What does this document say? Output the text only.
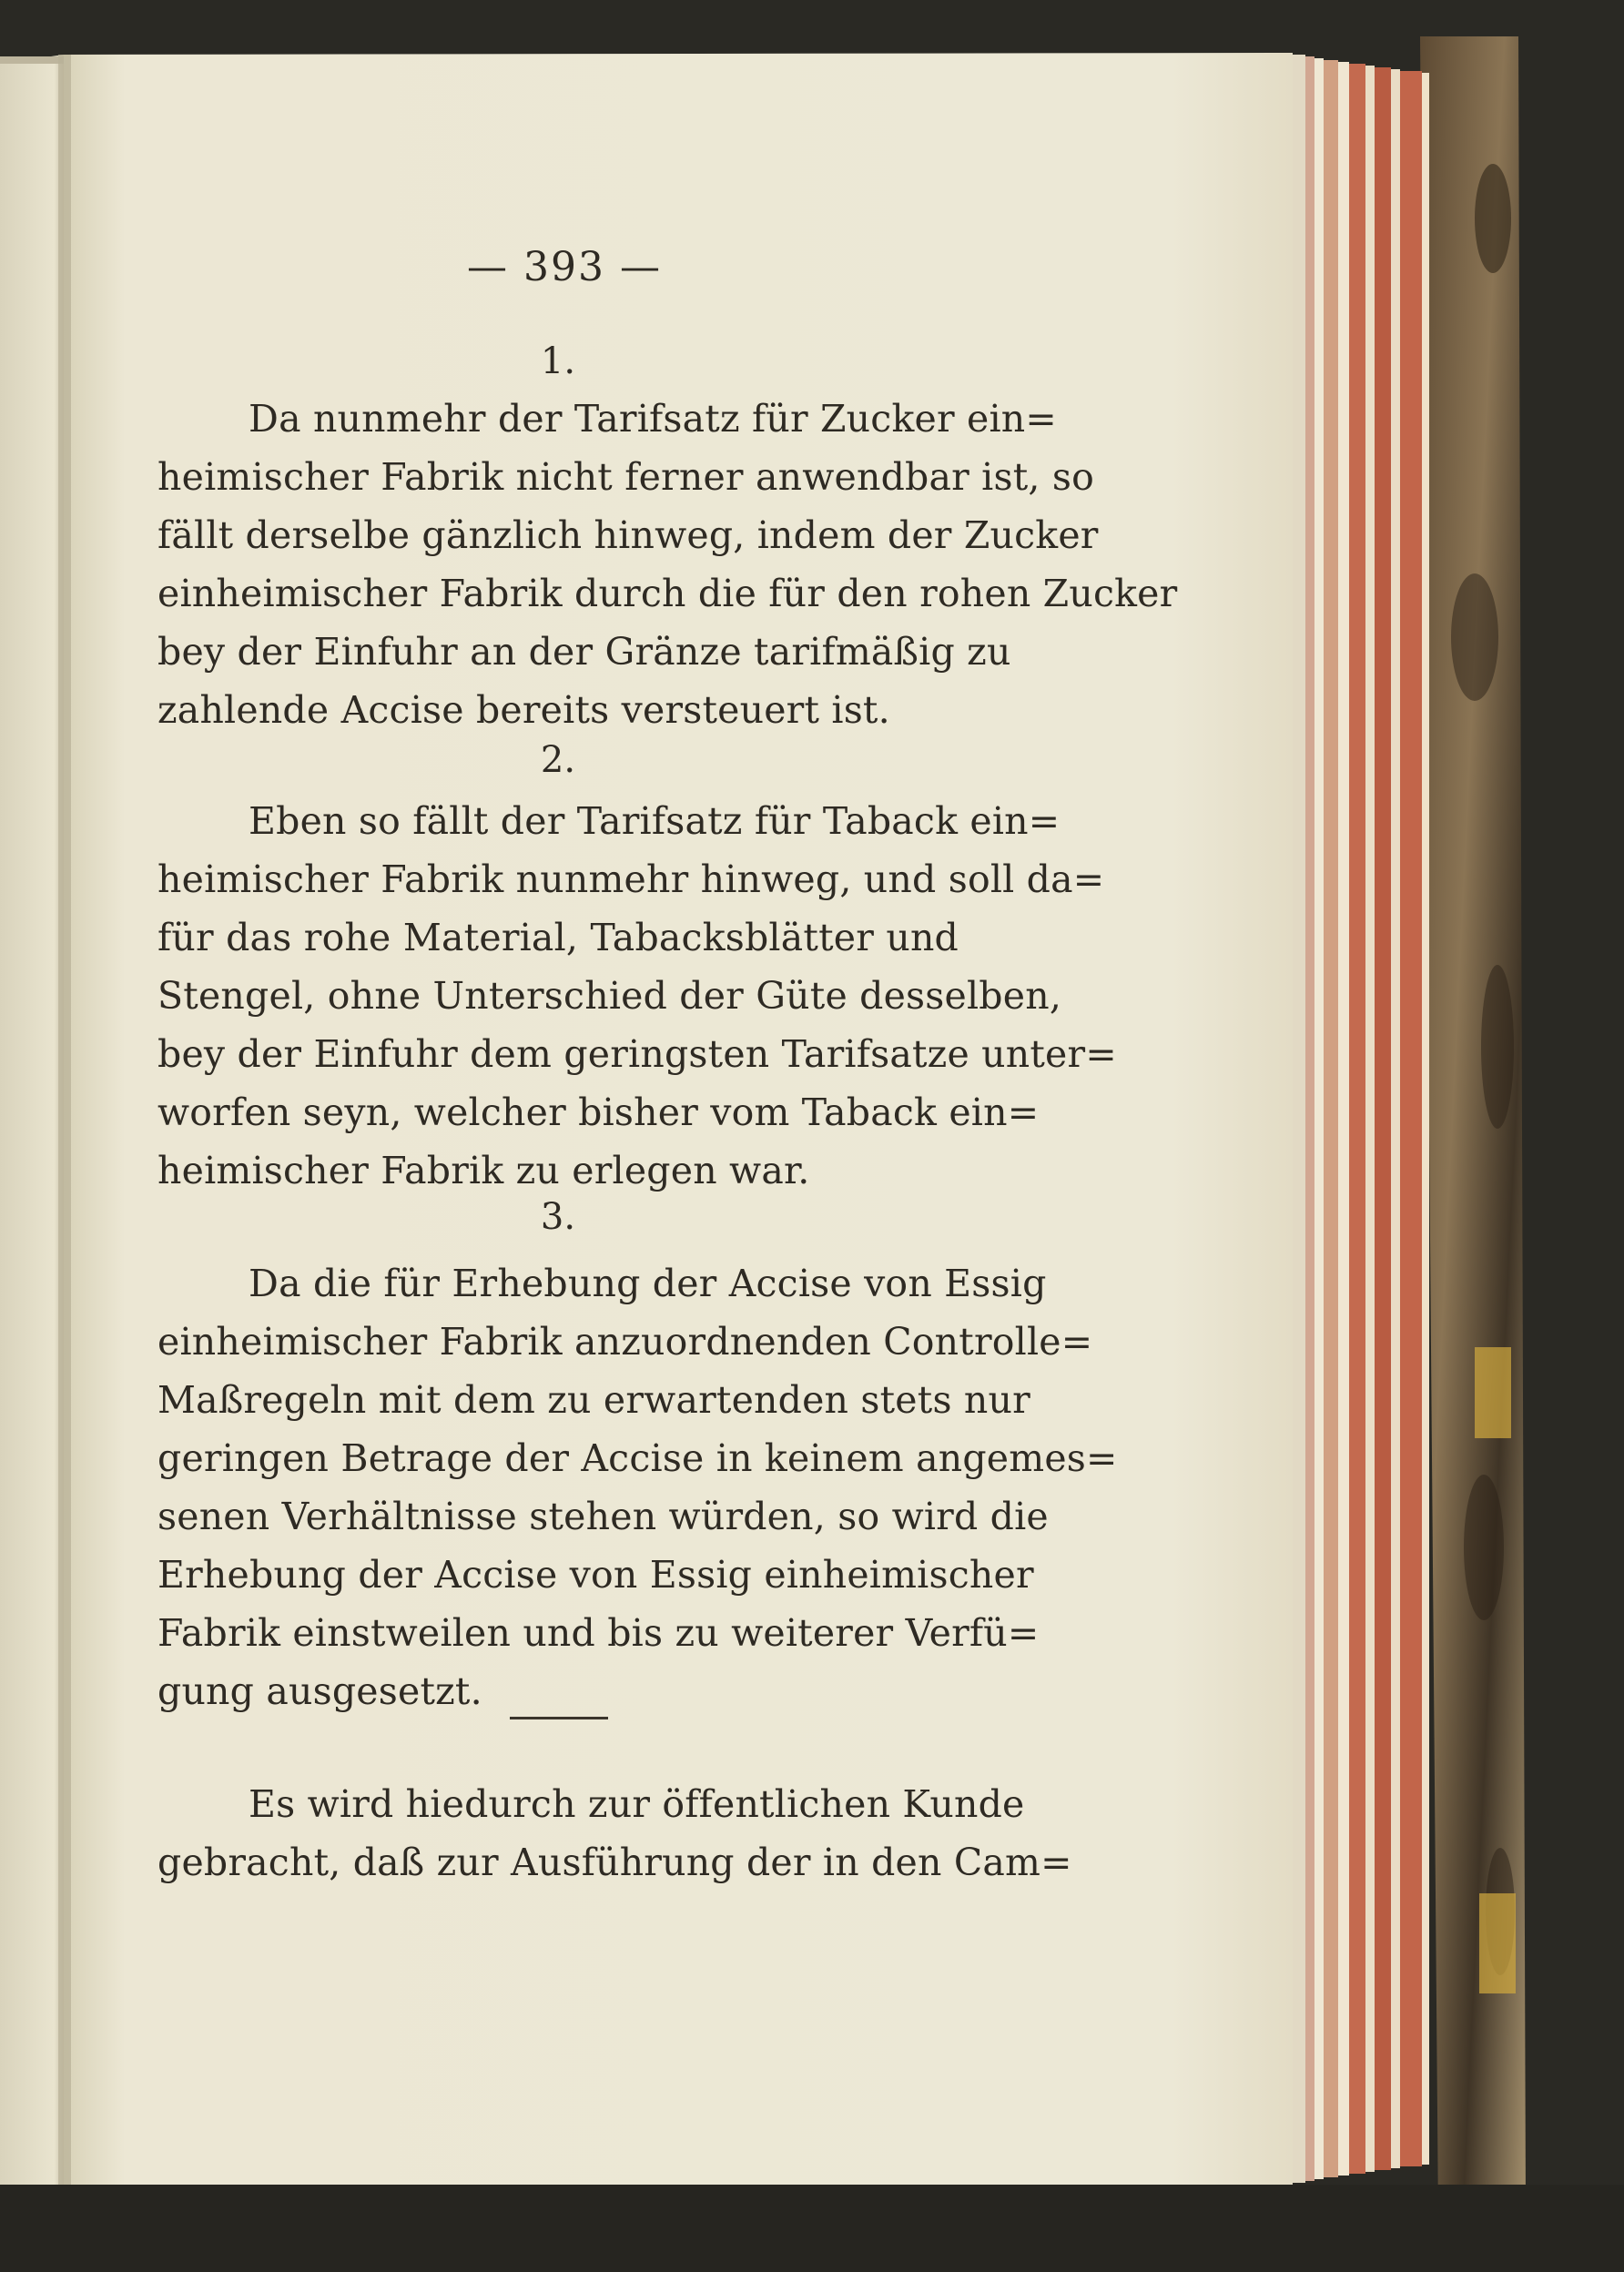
— 393 —
1.
Da nunmehr der Tarifsatz für Zucker ein=
heimischer Fabrik nicht ferner anwendbar ist, so
fällt derselbe gänzlich hinweg, indem der Zucker
einheimischer Fabrik durch die für den rohen Zucker
bey der Einfuhr an der Gränze tarifmäßig zu
zahlende Accise bereits versteuert ist.
2.
Eben so fällt der Tarifsatz für Taback ein=
heimischer Fabrik nunmehr hinweg, und soll da=
für das rohe Material, Tabacksblätter und
Stengel, ohne Unterschied der Güte desselben,
bey der Einfuhr dem geringsten Tarifsatze unter=
worfen seyn, welcher bisher vom Taback ein=
heimischer Fabrik zu erlegen war.
3.
Da die für Erhebung der Accise von Essig
einheimischer Fabrik anzuordnenden Controlle=
Maßregeln mit dem zu erwartenden stets nur
geringen Betrage der Accise in keinem angemes=
senen Verhältnisse stehen würden, so wird die
Erhebung der Accise von Essig einheimischer
Fabrik einstweilen und bis zu weiterer Verfü=
gung ausgesetzt.
Es wird hiedurch zur öffentlichen Kunde
gebracht, daß zur Ausführung der in den Cam=
